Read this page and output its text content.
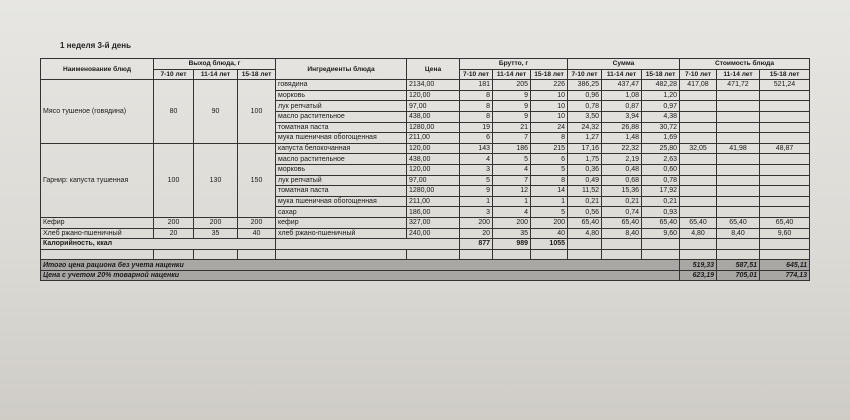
1 неделя 3-й день
Наименование блюд	Выход блюда, г			Ингредиенты блюда	Цена	Брутто, г			Сумма			Стоимость блюда		
	7-10 лет	11-14 лет	15-18 лет			7-10 лет	11-14 лет	15-18 лет	7-10 лет	11-14 лет	15-18 лет	7-10 лет	11-14 лет	15-18 лет
Мясо тушеное (говядина)	80	90	100	говядина	2134,00	181	205	226	386,25	437,47	482,28	417,08	471,72	521,24
				морковь	120,00	8	9	10	0,96	1,08	1,20			
				лук репчатый	97,00	8	9	10	0,78	0,87	0,97			
				масло растительное	438,00	8	9	10	3,50	3,94	4,38			
				томатная паста	1280,00	19	21	24	24,32	26,88	30,72			
				мука пшеничная обогощенная	211,00	6	7	8	1,27	1,48	1,69			
Гарнир: капуста тушенная	100	130	150	капуста белокочанная	120,00	143	186	215	17,16	22,32	25,80	32,05	41,98	48,87
				масло растительное	438,00	4	5	6	1,75	2,19	2,63			
				морковь	120,00	3	4	5	0,36	0,48	0,60			
				лук репчатый	97,00	5	7	8	0,49	0,68	0,78			
				томатная паста	1280,00	9	12	14	11,52	15,36	17,92			
				мука пшеничная обогощенная	211,00	1	1	1	0,21	0,21	0,21			
				сахар	186,00	3	4	5	0,56	0,74	0,93			
Кефир	200	200	200	кефир	327,00	200	200	200	65,40	65,40	65,40	65,40	65,40	65,40
Хлеб ржано-пшеничный	20	35	40	хлеб ржано-пшеничный	240,00	20	35	40	4,80	8,40	9,60	4,80	8,40	9,60
Калорийность, ккал						877	989	1055						

Итого цена рациона без учета наценки												519,33	587,51	645,11
Цена с учетом 20% товарной наценки												623,19	705,01	774,13
